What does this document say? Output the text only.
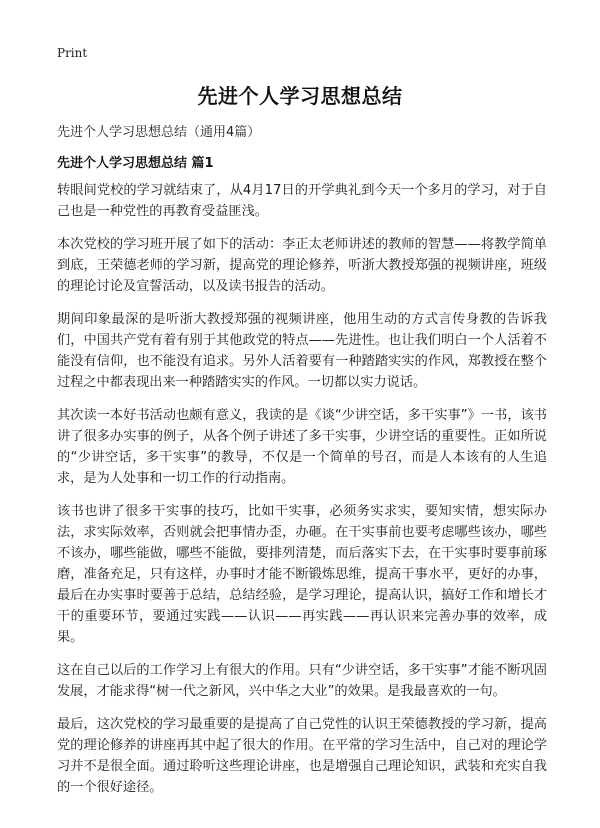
Print
先进个人学习思想总结
先进个人学习思想总结（通用4篇）
先进个人学习思想总结 篇1

转眼间党校的学习就结束了，从4月17日的开学典礼到今天一个多月的学习，对于自己也是一种党性的再教育受益匪浅。

本次党校的学习班开展了如下的活动：李正太老师讲述的教师的智慧——将教学简单到底，王荣德老师的学习新，提高党的理论修养，听浙大教授郑强的视频讲座，班级的理论讨论及宣誓活动，以及读书报告的活动。

期间印象最深的是听浙大教授郑强的视频讲座，他用生动的方式言传身教的告诉我们，中国共产党有着有别于其他政党的特点——先进性。也让我们明白一个人活着不能没有信仰，也不能没有追求。另外人活着要有一种踏踏实实的作风，郑教授在整个过程之中都表现出来一种踏踏实实的作风。一切都以实力说话。

其次读一本好书活动也颇有意义，我读的是《谈“少讲空话，多干实事”》一书，该书讲了很多办实事的例子，从各个例子讲述了多干实事，少讲空话的重要性。正如所说的“少讲空话，多干实事”的教导，不仅是一个简单的号召，而是人本该有的人生追求，是为人处事和一切工作的行动指南。

该书也讲了很多干实事的技巧，比如干实事，必须务实求实，要知实情，想实际办法，求实际效率，否则就会把事情办歪，办砸。在干实事前也要考虑哪些该办，哪些不该办，哪些能做，哪些不能做，要排列清楚，而后落实下去，在干实事时要事前琢磨，准备充足，只有这样，办事时才能不断锻炼思维，提高干事水平，更好的办事，最后在办实事时要善于总结，总结经验，是学习理论，提高认识，搞好工作和增长才干的重要环节，要通过实践——认识——再实践——再认识来完善办事的效率，成果。

这在自己以后的工作学习上有很大的作用。只有“少讲空话，多干实事”才能不断巩固发展，才能求得“树一代之新风，兴中华之大业”的效果。是我最喜欢的一句。

最后，这次党校的学习最重要的是提高了自己党性的认识王荣德教授的学习新，提高党的理论修养的讲座再其中起了很大的作用。在平常的学习生活中，自己对的理论学习并不是很全面。通过聆听这些理论讲座，也是增强自己理论知识，武装和充实自我的一个很好途径。
